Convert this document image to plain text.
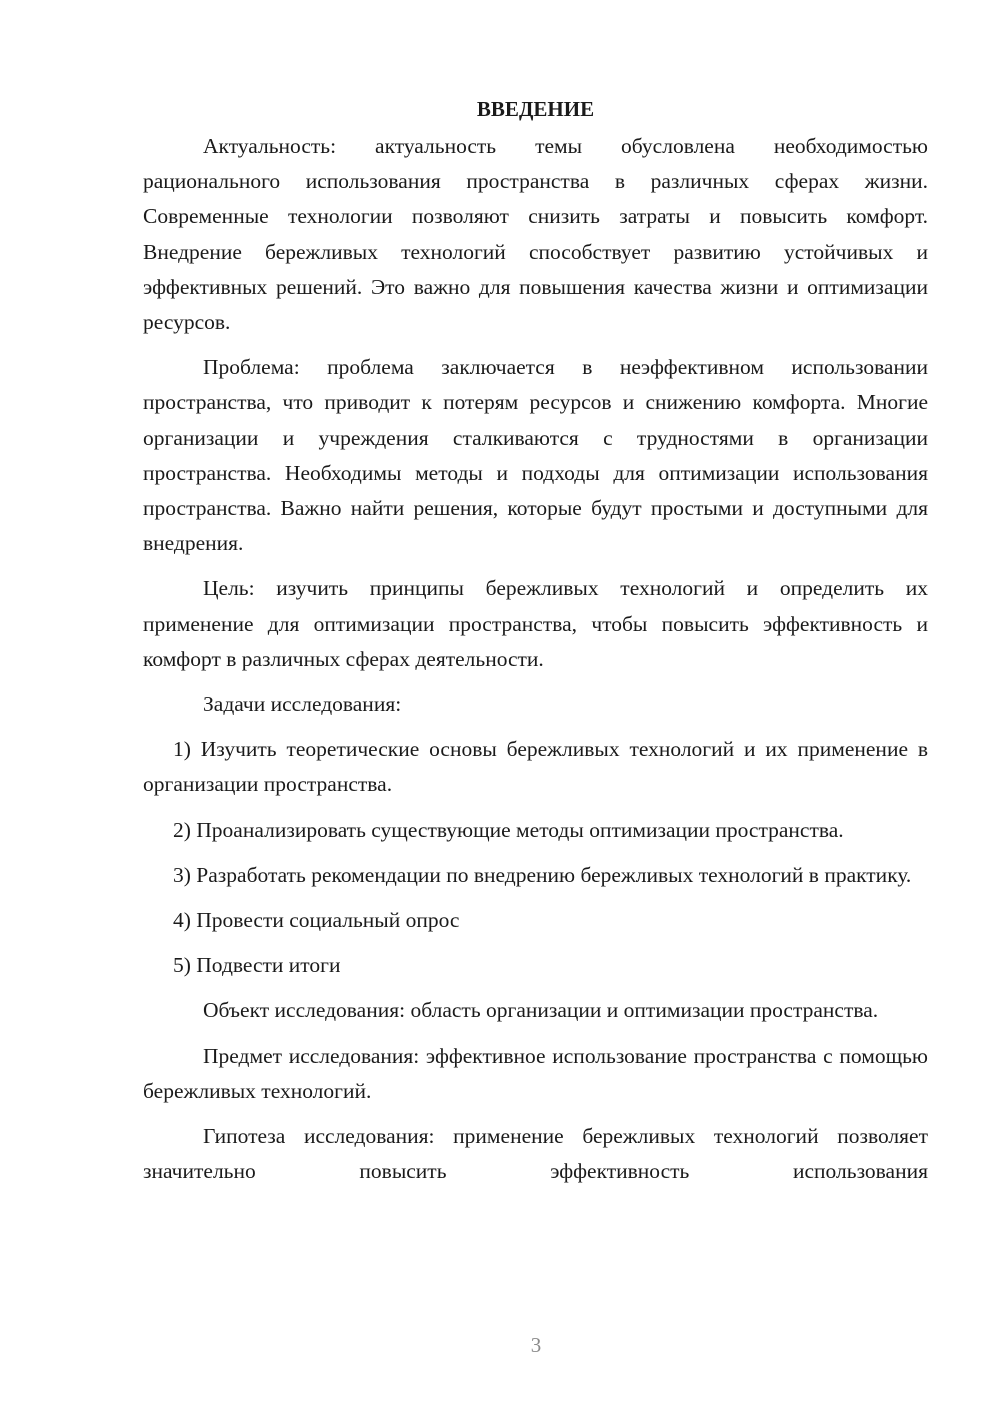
ВВЕДЕНИЕ

Актуальность: актуальность темы обусловлена необходимостью рационального использования пространства в различных сферах жизни. Современные технологии позволяют снизить затраты и повысить комфорт. Внедрение бережливых технологий способствует развитию устойчивых и эффективных решений. Это важно для повышения качества жизни и оптимизации ресурсов.

Проблема: проблема заключается в неэффективном использовании пространства, что приводит к потерям ресурсов и снижению комфорта. Многие организации и учреждения сталкиваются с трудностями в организации пространства. Необходимы методы и подходы для оптимизации использования пространства. Важно найти решения, которые будут простыми и доступными для внедрения.

Цель: изучить принципы бережливых технологий и определить их применение для оптимизации пространства, чтобы повысить эффективность и комфорт в различных сферах деятельности.

Задачи исследования:

1) Изучить теоретические основы бережливых технологий и их применение в организации пространства.

2) Проанализировать существующие методы оптимизации пространства.

3) Разработать рекомендации по внедрению бережливых технологий в практику.

4) Провести социальный опрос

5) Подвести итоги

Объект исследования: область организации и оптимизации пространства.

Предмет исследования: эффективное использование пространства с помощью бережливых технологий.

Гипотеза исследования: применение бережливых технологий позволяет значительно повысить эффективность использования

3
